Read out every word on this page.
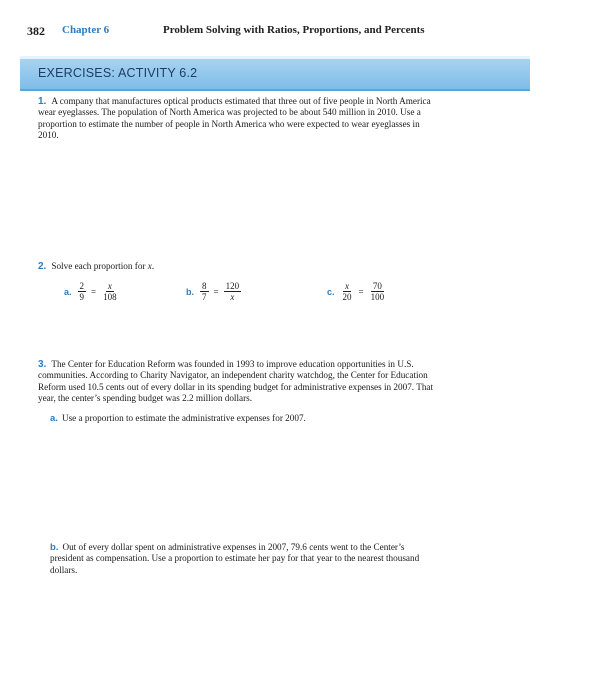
382 Chapter 6	Problem Solving with Ratios, Proportions, and Percents
EXERCISES: ACTIVITY 6.2
1. A company that manufactures optical products estimated that three out of five people in North America wear eyeglasses. The population of North America was projected to be about 540 million in 2010. Use a proportion to estimate the number of people in North America who were expected to wear eyeglasses in 2010.
2. Solve each proportion for x.
a. $\frac{2}{9} = \frac{x}{108}$	b. $\frac{8}{7} = \frac{120}{x}$	c. $\frac{x}{20} = \frac{70}{100}$
3. The Center for Education Reform was founded in 1993 to improve education opportunities in U.S. communities. According to Charity Navigator, an independent charity watchdog, the Center for Education Reform used 10.5 cents out of every dollar in its spending budget for administrative expenses in 2007. That year, the center’s spending budget was 2.2 million dollars.
a. Use a proportion to estimate the administrative expenses for 2007.
b. Out of every dollar spent on administrative expenses in 2007, 79.6 cents went to the Center’s president as compensation. Use a proportion to estimate her pay for that year to the nearest thousand dollars.
